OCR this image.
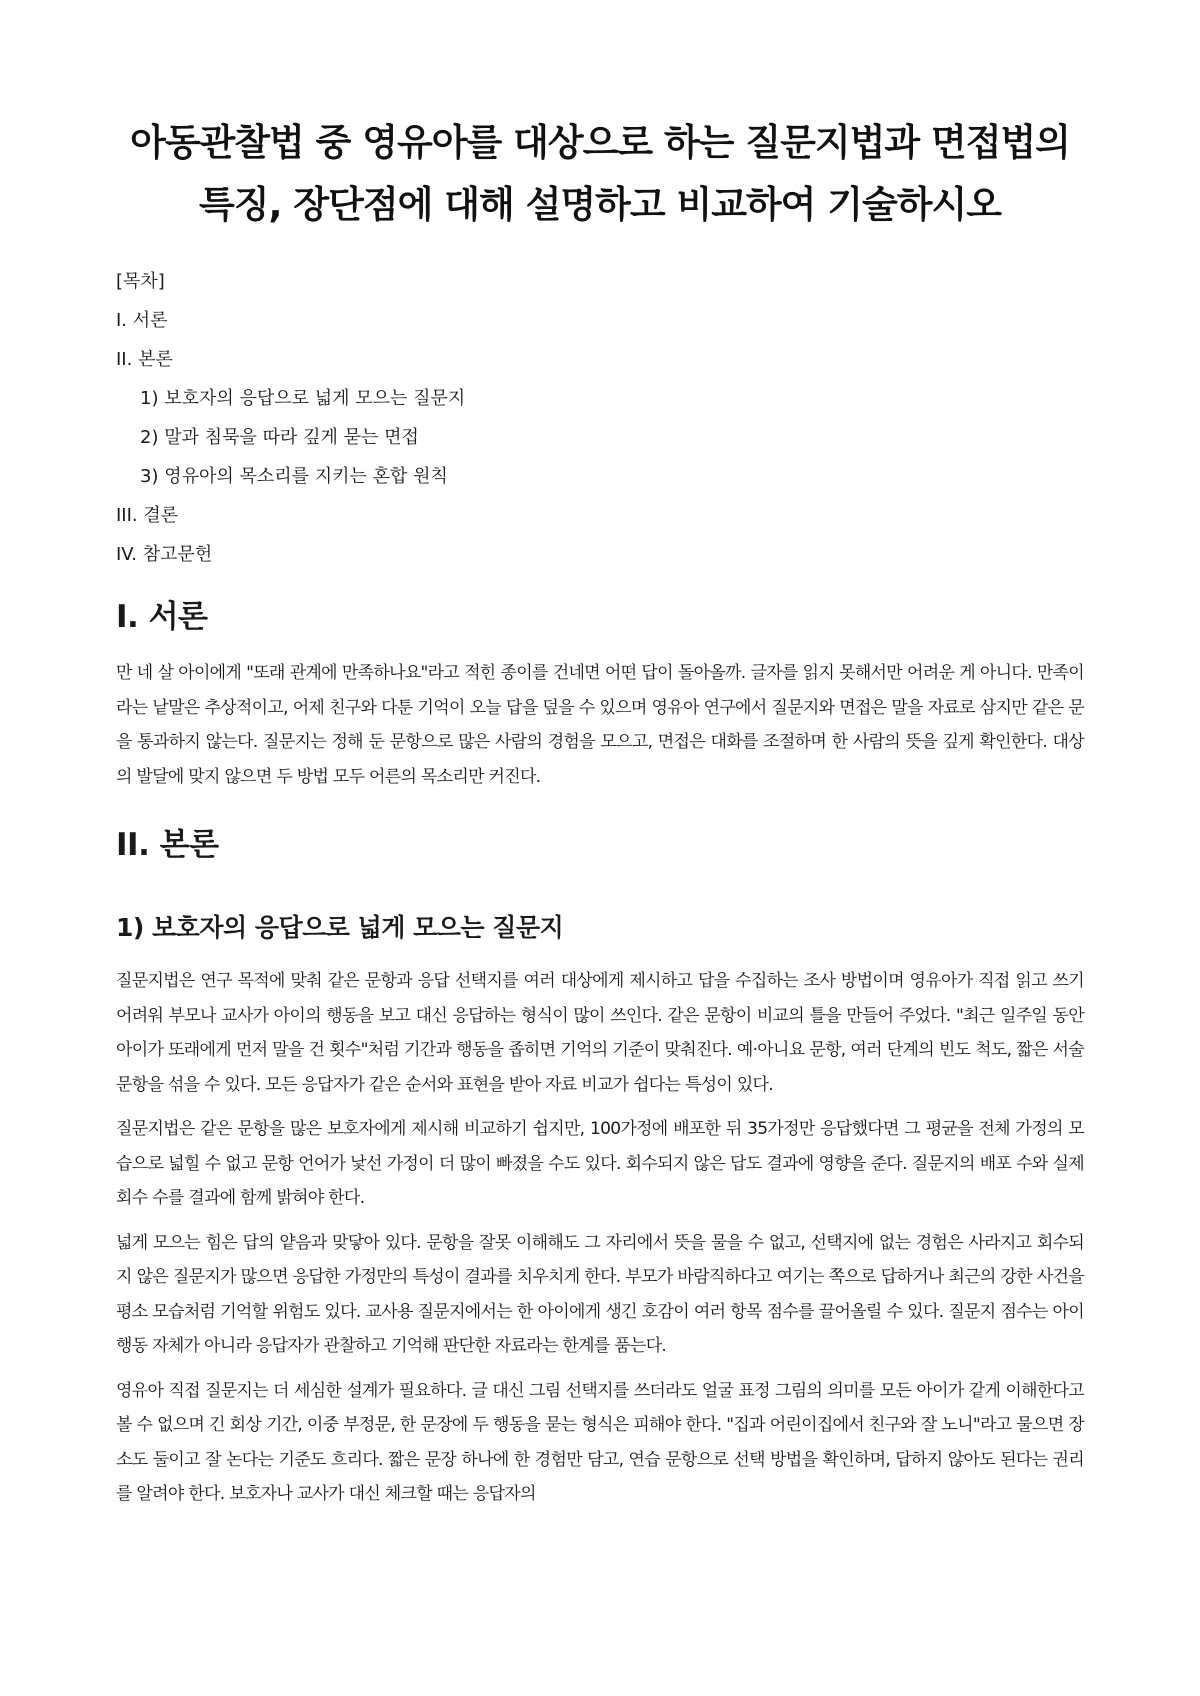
아동관찰법 중 영유아를 대상으로 하는 질문지법과 면접법의 특징, 장단점에 대해 설명하고 비교하여 기술하시오
[목차]
I. 서론
II. 본론
1) 보호자의 응답으로 넓게 모으는 질문지
2) 말과 침묵을 따라 깊게 묻는 면접
3) 영유아의 목소리를 지키는 혼합 원칙
III. 결론
IV. 참고문헌
I. 서론

만 네 살 아이에게 "또래 관계에 만족하나요"라고 적힌 종이를 건네면 어떤 답이 돌아올까. 글자를 읽지 못해서만 어려운 게 아니다. 만족이라는 낱말은 추상적이고, 어제 친구와 다툰 기억이 오늘 답을 덮을 수 있으며 영유아 연구에서 질문지와 면접은 말을 자료로 삼지만 같은 문을 통과하지 않는다. 질문지는 정해 둔 문항으로 많은 사람의 경험을 모으고, 면접은 대화를 조절하며 한 사람의 뜻을 깊게 확인한다. 대상의 발달에 맞지 않으면 두 방법 모두 어른의 목소리만 커진다.

II. 본론
1) 보호자의 응답으로 넓게 모으는 질문지

질문지법은 연구 목적에 맞춰 같은 문항과 응답 선택지를 여러 대상에게 제시하고 답을 수집하는 조사 방법이며 영유아가 직접 읽고 쓰기 어려워 부모나 교사가 아이의 행동을 보고 대신 응답하는 형식이 많이 쓰인다. 같은 문항이 비교의 틀을 만들어 주었다. "최근 일주일 동안 아이가 또래에게 먼저 말을 건 횟수"처럼 기간과 행동을 좁히면 기억의 기준이 맞춰진다. 예·아니요 문항, 여러 단계의 빈도 척도, 짧은 서술 문항을 섞을 수 있다. 모든 응답자가 같은 순서와 표현을 받아 자료 비교가 쉽다는 특성이 있다.

질문지법은 같은 문항을 많은 보호자에게 제시해 비교하기 쉽지만, 100가정에 배포한 뒤 35가정만 응답했다면 그 평균을 전체 가정의 모습으로 넓힐 수 없고 문항 언어가 낯선 가정이 더 많이 빠졌을 수도 있다. 회수되지 않은 답도 결과에 영향을 준다. 질문지의 배포 수와 실제 회수 수를 결과에 함께 밝혀야 한다.

넓게 모으는 힘은 답의 얕음과 맞닿아 있다. 문항을 잘못 이해해도 그 자리에서 뜻을 물을 수 없고, 선택지에 없는 경험은 사라지고 회수되지 않은 질문지가 많으면 응답한 가정만의 특성이 결과를 치우치게 한다. 부모가 바람직하다고 여기는 쪽으로 답하거나 최근의 강한 사건을 평소 모습처럼 기억할 위험도 있다. 교사용 질문지에서는 한 아이에게 생긴 호감이 여러 항목 점수를 끌어올릴 수 있다. 질문지 점수는 아이 행동 자체가 아니라 응답자가 관찰하고 기억해 판단한 자료라는 한계를 품는다.

영유아 직접 질문지는 더 세심한 설계가 필요하다. 글 대신 그림 선택지를 쓰더라도 얼굴 표정 그림의 의미를 모든 아이가 같게 이해한다고 볼 수 없으며 긴 회상 기간, 이중 부정문, 한 문장에 두 행동을 묻는 형식은 피해야 한다. "집과 어린이집에서 친구와 잘 노니"라고 물으면 장소도 둘이고 잘 논다는 기준도 흐리다. 짧은 문장 하나에 한 경험만 담고, 연습 문항으로 선택 방법을 확인하며, 답하지 않아도 된다는 권리를 알려야 한다. 보호자나 교사가 대신 체크할 때는 응답자의
